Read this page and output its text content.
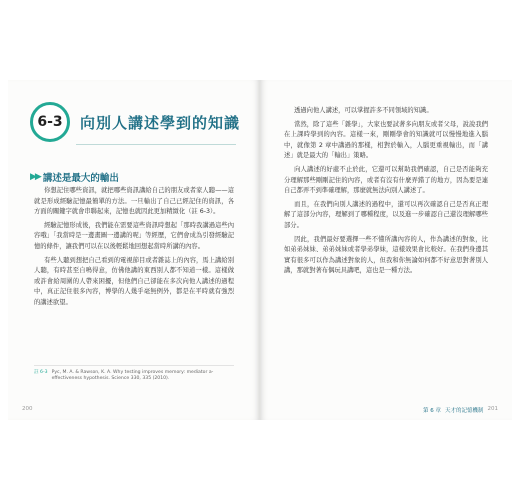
6-3	向別人講述學到的知識
▶▶ 講述是最大的輸出

你想記住哪些資訊，就把哪些資訊講給自己的朋友或者家人聽——這就是形成經驗記憶最簡單的方法。一旦輸出了自己已經記住的資訊，各方面的關鍵字就會串聯起來，記憶也就因此更加精緻化（註 6-3）。

經驗記憶形成後，我們能在需要這些資訊時想起「那時我講過這些內容哦」「我當時是一邊畫圖一邊講的呢」等經歷，它們會成為引發經驗記憶的條件，讓我們可以在以後輕鬆地回想起當時所講的內容。

有些人聽到想把自己看到的電視節目或者雜誌上的內容，馬上講給別人聽，有時甚至自鳴得意，仿佛他講的東西別人都不知道一樣。這樣做或許會給周圍的人帶來困擾，但他們自己卻能在多次向他人講述的過程中，真正記住很多內容，博學的人幾乎毫無例外，都是在平時就有強烈的講述欲望。

註 6-3 Pyc, M. A. & Rawson, K. A. Why testing improves memory: mediator a-effectiveness hypothesis. Science 330, 335 (2010).
200

透過向他人講述，可以掌握許多不同領域的知識。

當然，除了這些「雜學」，大家也要試著多向朋友或者父母，說說我們在上課時學到的內容。這樣一來，剛剛學會的知識就可以慢慢地進入腦中，就像第 2 章中講過的那樣，相對於輸入，人腦更重視輸出，而「講述」就是最大的「輸出」策略。

向人講述的好處不止於此，它還可以幫助我們確認，自己是否能夠充分理解那些剛剛記住的內容，或者有沒有什麼弄錯了的地方，因為要是連自己都弄不到準確理解，那麼就無法向別人講述了。

而且，在我們向別人講述的過程中，還可以再次確認自己是否真正理解了這部分內容，理解到了哪種程度，以及進一步確認自己還沒理解哪些部分。

因此，我們最好要選擇一些不懂所講內容的人，作為講述的對象，比如弟弟妹妹、弟弟妹妹或者學弟學妹，這樣效果會比較好。在我們身邊其實有很多可以作為講述對象的人，但我和你無論如何都不好意思對著別人講，那就對著布偶玩具講吧，這也是一種方法。

第 6 章 天才的記憶機制 201
